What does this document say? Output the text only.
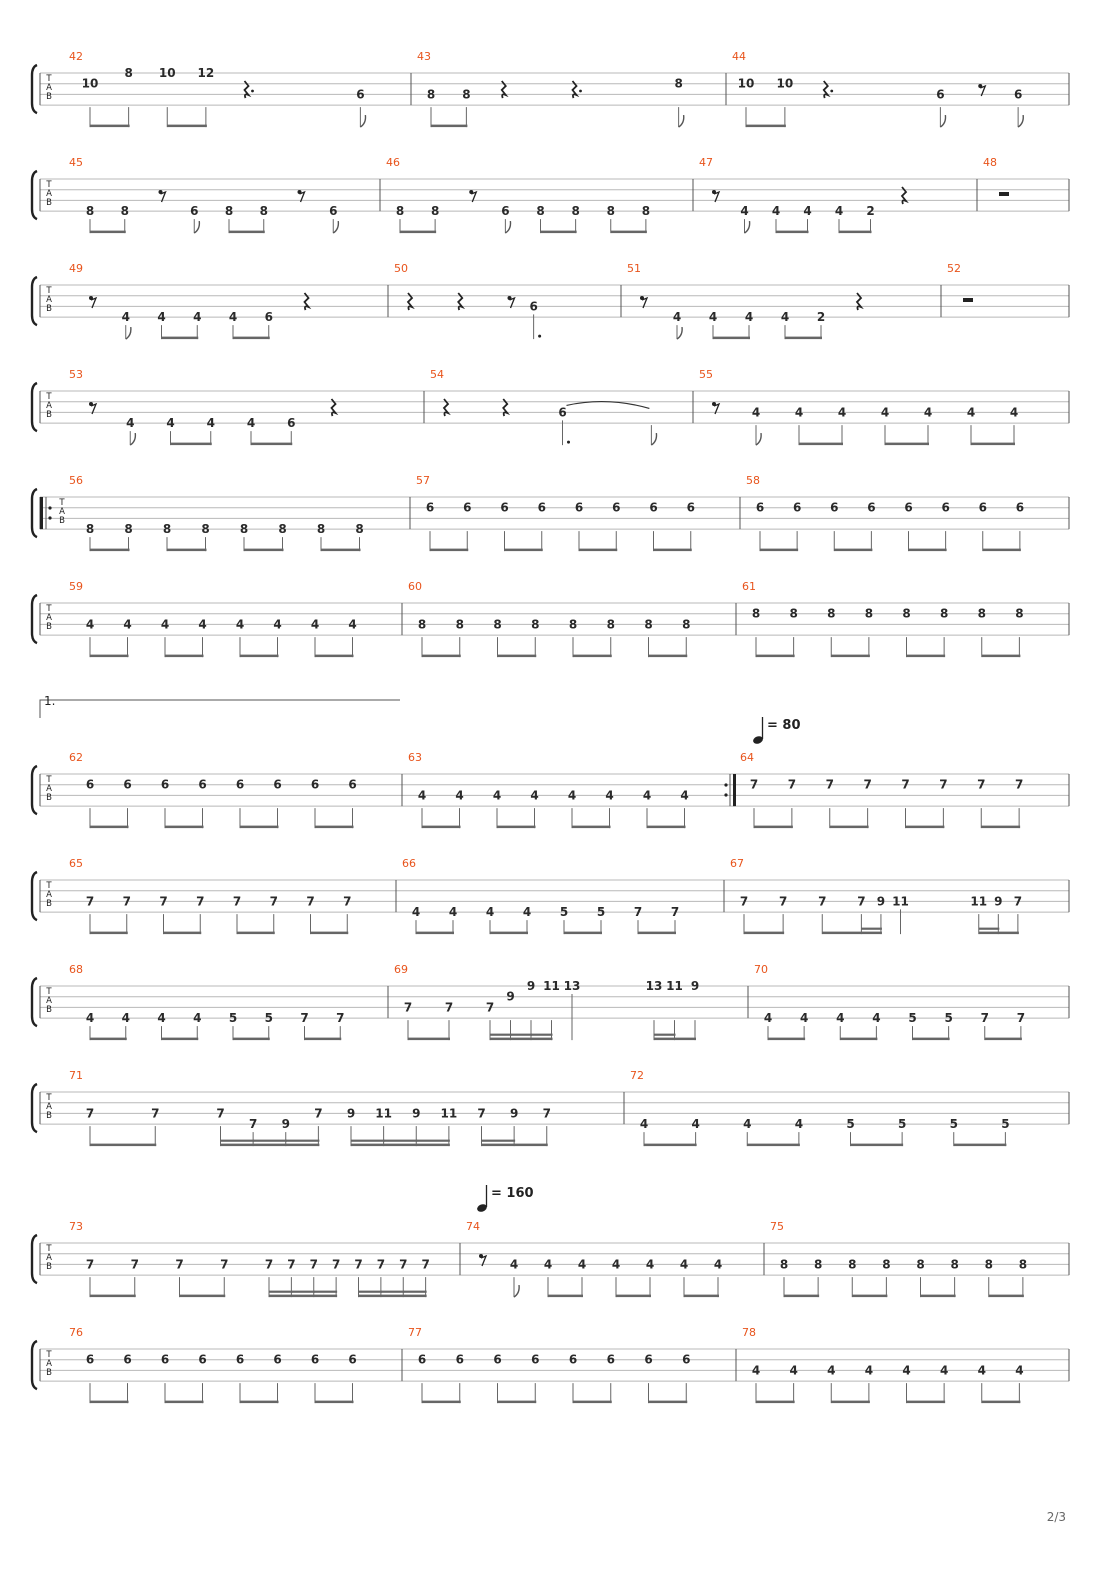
T
A
B
42
10
8 10 12
6
43
8 8
8
44
10 10
6	6
T
A
B
45
8 8	6 8 8	6
46
8 8	6 8 8 8 8
47
4 4 4 4 2
48
T
A
B
49
4 4 4 4 6
50
6
51
4 4 4 4 2
52
T
A
B
53
4	4	4	4	6
54
6
55
4	4	4	4	4	4	4
T
A
B
56
8	8	8	8	8	8	8	8
57
6 6 6 6 6 6 6 6
58
6 6 6 6 6 6 6 6
T
A
B
59
4 4 4 4 4 4 4 4
60
8 8 8 8 8 8 8 8
61
8 8 8 8 8 8 8 8
T
A
B
62
6 6 6 6 6 6 6 6
63
4 4 4 4 4 4 4 4
64
7 7 7 7 7 7 7 7
T
A
B
65
7 7 7 7 7 7 7 7
66
4 4 4 4 5 5 7 7
67
7	7	7	7 9 11	11 9 7
T
A
B
68
4 4 4 4 5 5 7 7
69
7	7	7
9
9 11 13	13 11 9
70
4 4 4 4 5 5 7 7
T
A
B
71
7	7	7
7 9
7 9 11 9 11 7 9 7
72
4	4	4	4	5	5	5	5
T
A
B
73
7	7	7	7	7 7 7 7 7 7 7 7
74
4 4 4 4 4 4 4
75
8 8 8 8 8 8 8 8
T
A
B
76
6 6 6 6 6 6 6 6
77
6 6 6 6 6 6 6 6
78
4 4 4 4 4 4 4 4
1.
= 80
= 160
2/3
